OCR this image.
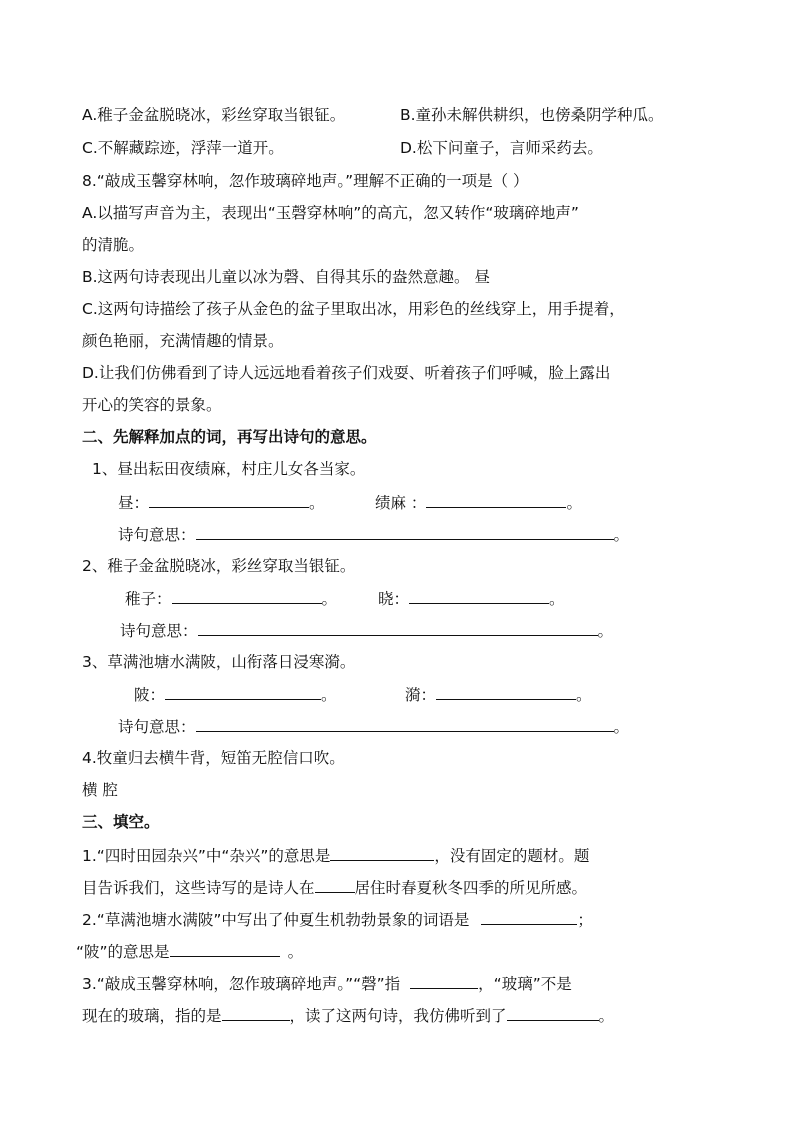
A.稚子金盆脱晓冰，彩丝穿取当银钲。	B.童孙未解供耕织，也傍桑阴学种瓜。
C.不解藏踪迹，浮萍一道开。	D.松下问童子，言师采药去。
8.“敲成玉馨穿林响，忽作玻璃碎地声。”理解不正确的一项是（ ）
A.以描写声音为主，表现出“玉磬穿林响”的高亢，忽又转作“玻璃碎地声”
的清脆。
B.这两句诗表现出儿童以冰为磬、自得其乐的盎然意趣。 昼
C.这两句诗描绘了孩子从金色的盆子里取出冰，用彩色的丝线穿上，用手提着，
颜色艳丽，充满情趣的情景。
D.让我们仿佛看到了诗人远远地看着孩子们戏耍、听着孩子们呼喊，脸上露出
开心的笑容的景象。
二、先解释加点的词，再写出诗句的意思。
1、昼出耘田夜绩麻，村庄儿女各当家。
昼：	。	绩麻 ：	。
诗句意思：	。
2、稚子金盆脱晓冰，彩丝穿取当银钲。
稚子：	。	晓：	。
诗句意思：	。
3、草满池塘水满陂，山衔落日浸寒漪。
陂：	。	漪：	。
诗句意思：	。
4.牧童归去横牛背，短笛无腔信口吹。
横 腔
三、填空。
1.“四时田园杂兴”中“杂兴”的意思是	，没有固定的题材。题
目告诉我们，这些诗写的是诗人在	居住时春夏秋冬四季的所见所感。
2.“草满池塘水满陂”中写出了仲夏生机勃勃景象的词语是	；
“陂”的意思是	。
3.“敲成玉馨穿林响，忽作玻璃碎地声。”“磬”指	，“玻璃”不是
现在的玻璃，指的是	，读了这两句诗，我仿佛听到了	。
